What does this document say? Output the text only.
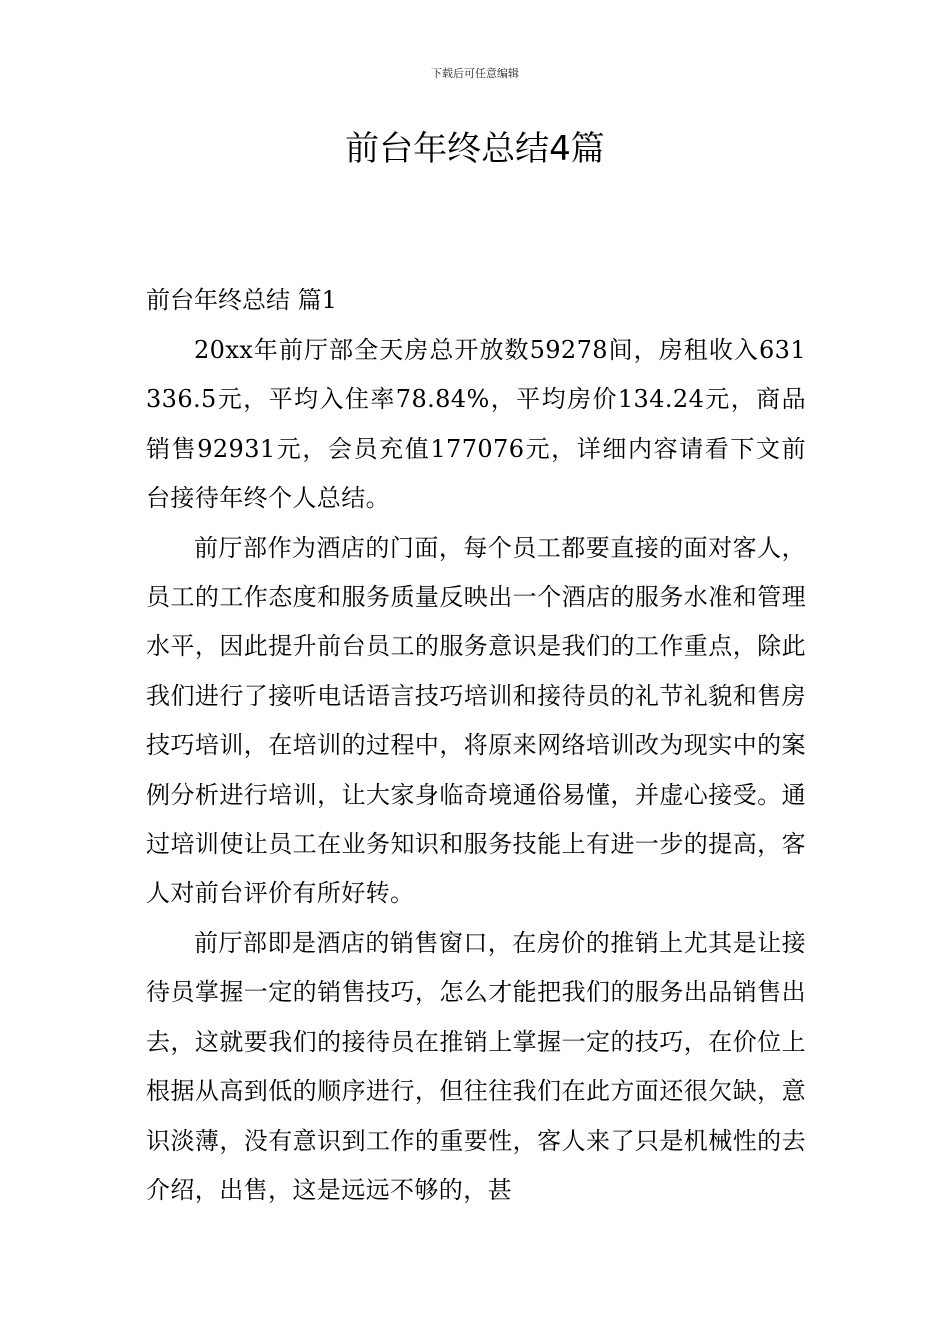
下载后可任意编辑
前台年终总结4篇
前台年终总结 篇1

20xx年前厅部全天房总开放数59278间，房租收入631336.5元，平均入住率78.84%，平均房价134.24元，商品销售92931元，会员充值177076元，详细内容请看下文前台接待年终个人总结。

前厅部作为酒店的门面，每个员工都要直接的面对客人，员工的工作态度和服务质量反映出一个酒店的服务水准和管理水平，因此提升前台员工的服务意识是我们的工作重点，除此我们进行了接听电话语言技巧培训和接待员的礼节礼貌和售房技巧培训，在培训的过程中，将原来网络培训改为现实中的案例分析进行培训，让大家身临奇境通俗易懂，并虚心接受。通过培训使让员工在业务知识和服务技能上有进一步的提高，客人对前台评价有所好转。

前厅部即是酒店的销售窗口，在房价的推销上尤其是让接待员掌握一定的销售技巧，怎么才能把我们的服务出品销售出去，这就要我们的接待员在推销上掌握一定的技巧，在价位上根据从高到低的顺序进行，但往往我们在此方面还很欠缺，意识淡薄，没有意识到工作的重要性，客人来了只是机械性的去介绍，出售，这是远远不够的，甚
